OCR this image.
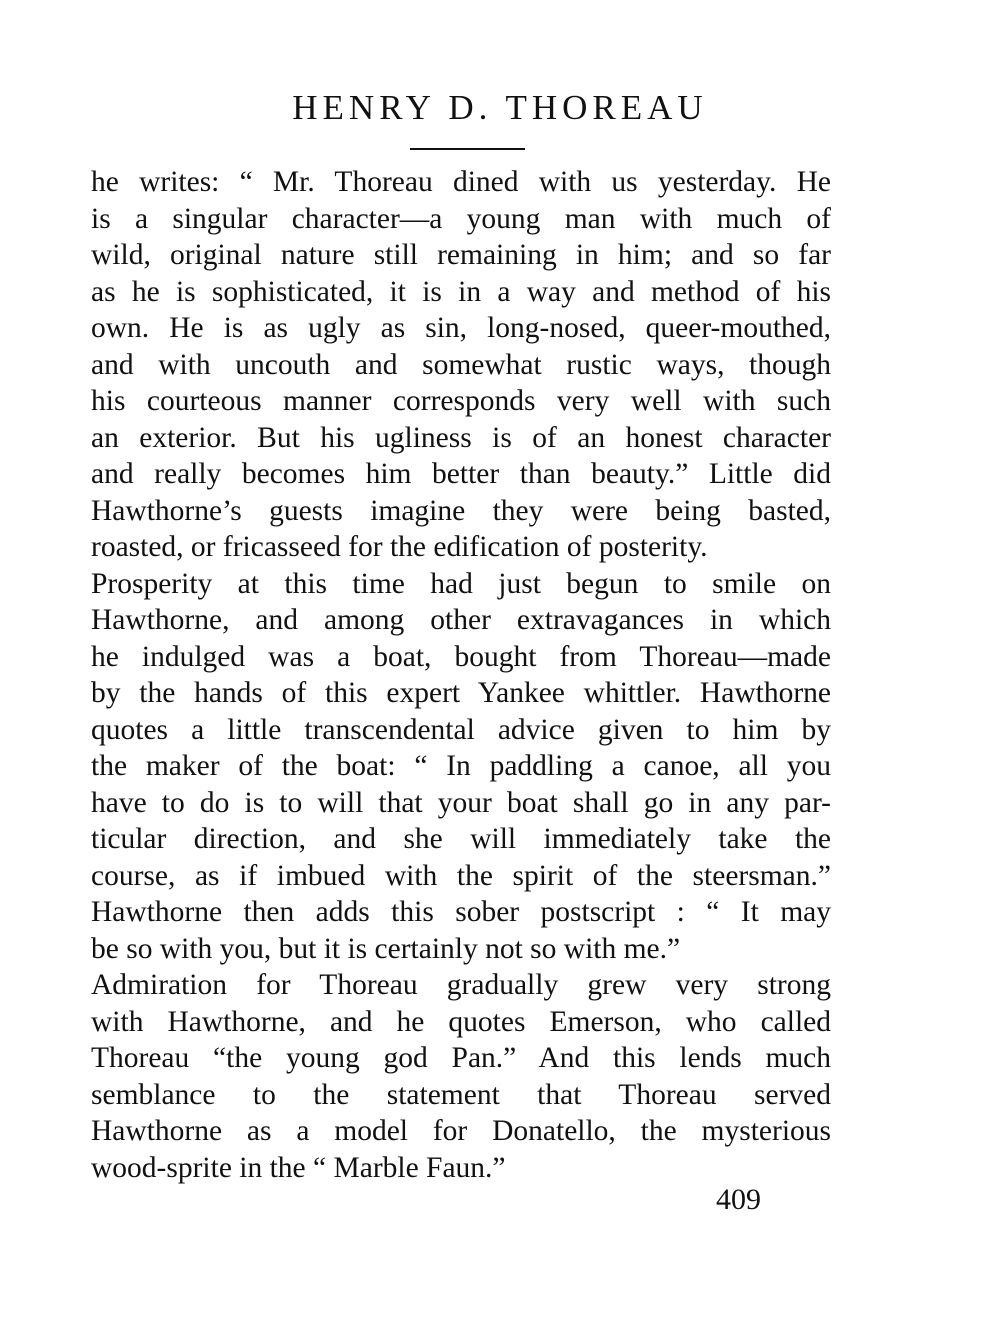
HENRY D. THOREAU
he writes: “ Mr. Thoreau dined with us yesterday. He
is a singular character—a young man with much of
wild, original nature still remaining in him; and so far
as he is sophisticated, it is in a way and method of his
own. He is as ugly as sin, long-nosed, queer-mouthed,
and with uncouth and somewhat rustic ways, though
his courteous manner corresponds very well with such
an exterior. But his ugliness is of an honest character
and really becomes him better than beauty.” Little did
Hawthorne’s guests imagine they were being basted,
roasted, or fricasseed for the edification of posterity.
Prosperity at this time had just begun to smile on
Hawthorne, and among other extravagances in which
he indulged was a boat, bought from Thoreau—made
by the hands of this expert Yankee whittler. Hawthorne
quotes a little transcendental advice given to him by
the maker of the boat: “ In paddling a canoe, all you
have to do is to will that your boat shall go in any par-
ticular direction, and she will immediately take the
course, as if imbued with the spirit of the steersman.”
Hawthorne then adds this sober postscript : “ It may
be so with you, but it is certainly not so with me.”
Admiration for Thoreau gradually grew very strong
with Hawthorne, and he quotes Emerson, who called
Thoreau “the young god Pan.” And this lends much
semblance to the statement that Thoreau served
Hawthorne as a model for Donatello, the mysterious
wood-sprite in the “ Marble Faun.”
409
